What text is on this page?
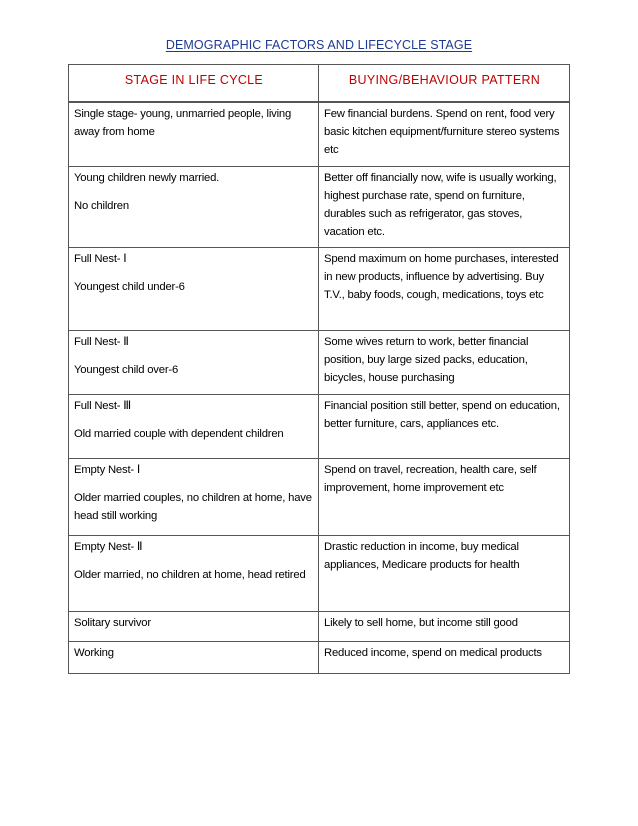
DEMOGRAPHIC FACTORS AND LIFECYCLE STAGE
STAGE IN LIFE CYCLE	BUYING/BEHAVIOUR PATTERN

Single stage- young, unmarried people, living away from home	Few financial burdens. Spend on rent, food very basic kitchen equipment/furniture stereo systems etc

Young children newly married.
No children	Better off financially now, wife is usually working, highest purchase rate, spend on furniture, durables such as refrigerator, gas stoves, vacation etc.

Full Nest- Ⅰ
Youngest child under-6	Spend maximum on home purchases, interested in new products, influence by advertising. Buy T.V., baby foods, cough, medications, toys etc

Full Nest- Ⅱ
Youngest child over-6	Some wives return to work, better financial position, buy large sized packs, education, bicycles, house purchasing

Full Nest- Ⅲ
Old married couple with dependent children	Financial position still better, spend on education, better furniture, cars, appliances etc.

Empty Nest- Ⅰ
Older married couples, no children at home, have head still working	Spend on travel, recreation, health care, self improvement, home improvement etc

Empty Nest- Ⅱ
Older married, no children at home, head retired	Drastic reduction in income, buy medical appliances, Medicare products for health

Solitary survivor	Likely to sell home, but income still good

Working	Reduced income, spend on medical products
